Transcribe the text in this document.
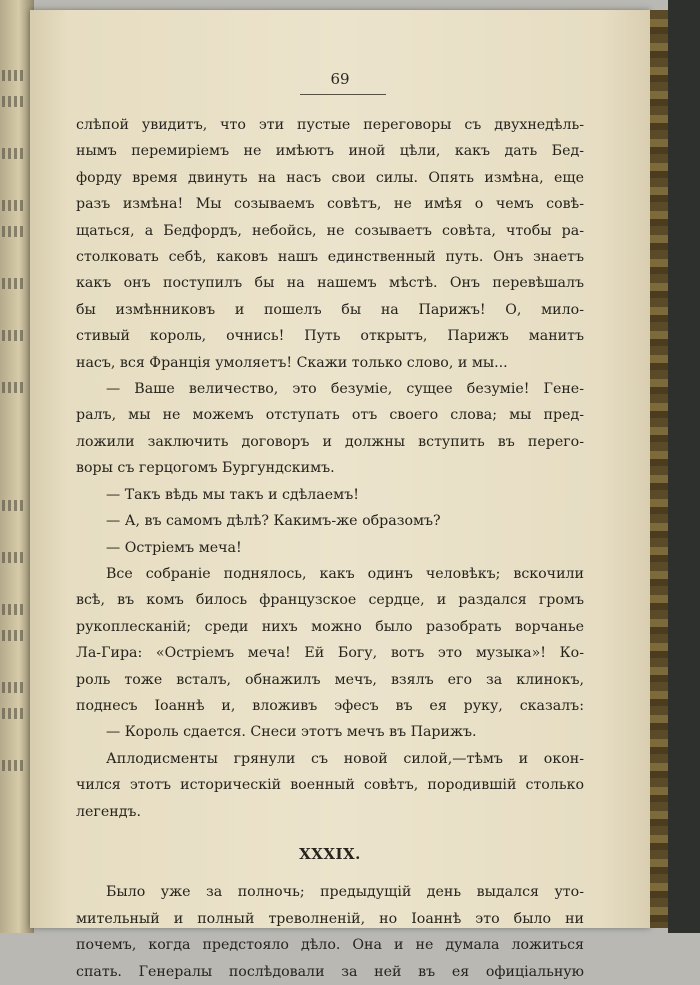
69
слѣпой увидитъ, что эти пустые переговоры съ двухнедѣль-
нымъ перемиріемъ не имѣютъ иной цѣли, какъ дать Бед-
форду время двинуть на насъ свои силы. Опять измѣна, еще
разъ измѣна! Мы созываемъ совѣтъ, не имѣя о чемъ совѣ-
щаться, а Бедфордъ, небойсь, не созываетъ совѣта, чтобы ра-
столковать себѣ, каковъ нашъ единственный путь. Онъ знаетъ
какъ онъ поступилъ бы на нашемъ мѣстѣ. Онъ перевѣшалъ
бы измѣнниковъ и пошелъ бы на Парижъ! О, мило-
стивый король, очнись! Путь открытъ, Парижъ манитъ
насъ, вся Франція умоляетъ! Скажи только слово, и мы...
— Ваше величество, это безуміе, сущее безуміе! Гене-
ралъ, мы не можемъ отступать отъ своего слова; мы пред-
ложили заключить договоръ и должны вступить въ перего-
воры съ герцогомъ Бургундскимъ.
— Такъ вѣдь мы такъ и сдѣлаемъ!
— А, въ самомъ дѣлѣ? Какимъ-же образомъ?
— Остріемъ меча!
Все собраніе поднялось, какъ одинъ человѣкъ; вскочили
всѣ, въ комъ билось французское сердце, и раздался громъ
рукоплесканій; среди нихъ можно было разобрать ворчанье
Ла-Гира: «Остріемъ меча! Ей Богу, вотъ это музыка»! Ко-
роль тоже всталъ, обнажилъ мечъ, взялъ его за клинокъ,
поднесъ Іоаннѣ и, вложивъ эфесъ въ ея руку, сказалъ:
— Король сдается. Снеси этотъ мечъ въ Парижъ.
Аплодисменты грянули съ новой силой,—тѣмъ и окон-
чился этотъ историческій военный совѣтъ, породившій столько
легендъ.
XXXIX.
Было уже за полночь; предыдущій день выдался уто-
мительный и полный треволненій, но Іоаннѣ это было ни
почемъ, когда предстояло дѣло. Она и не думала ложиться
спать. Генералы послѣдовали за ней въ ея офиціальную
